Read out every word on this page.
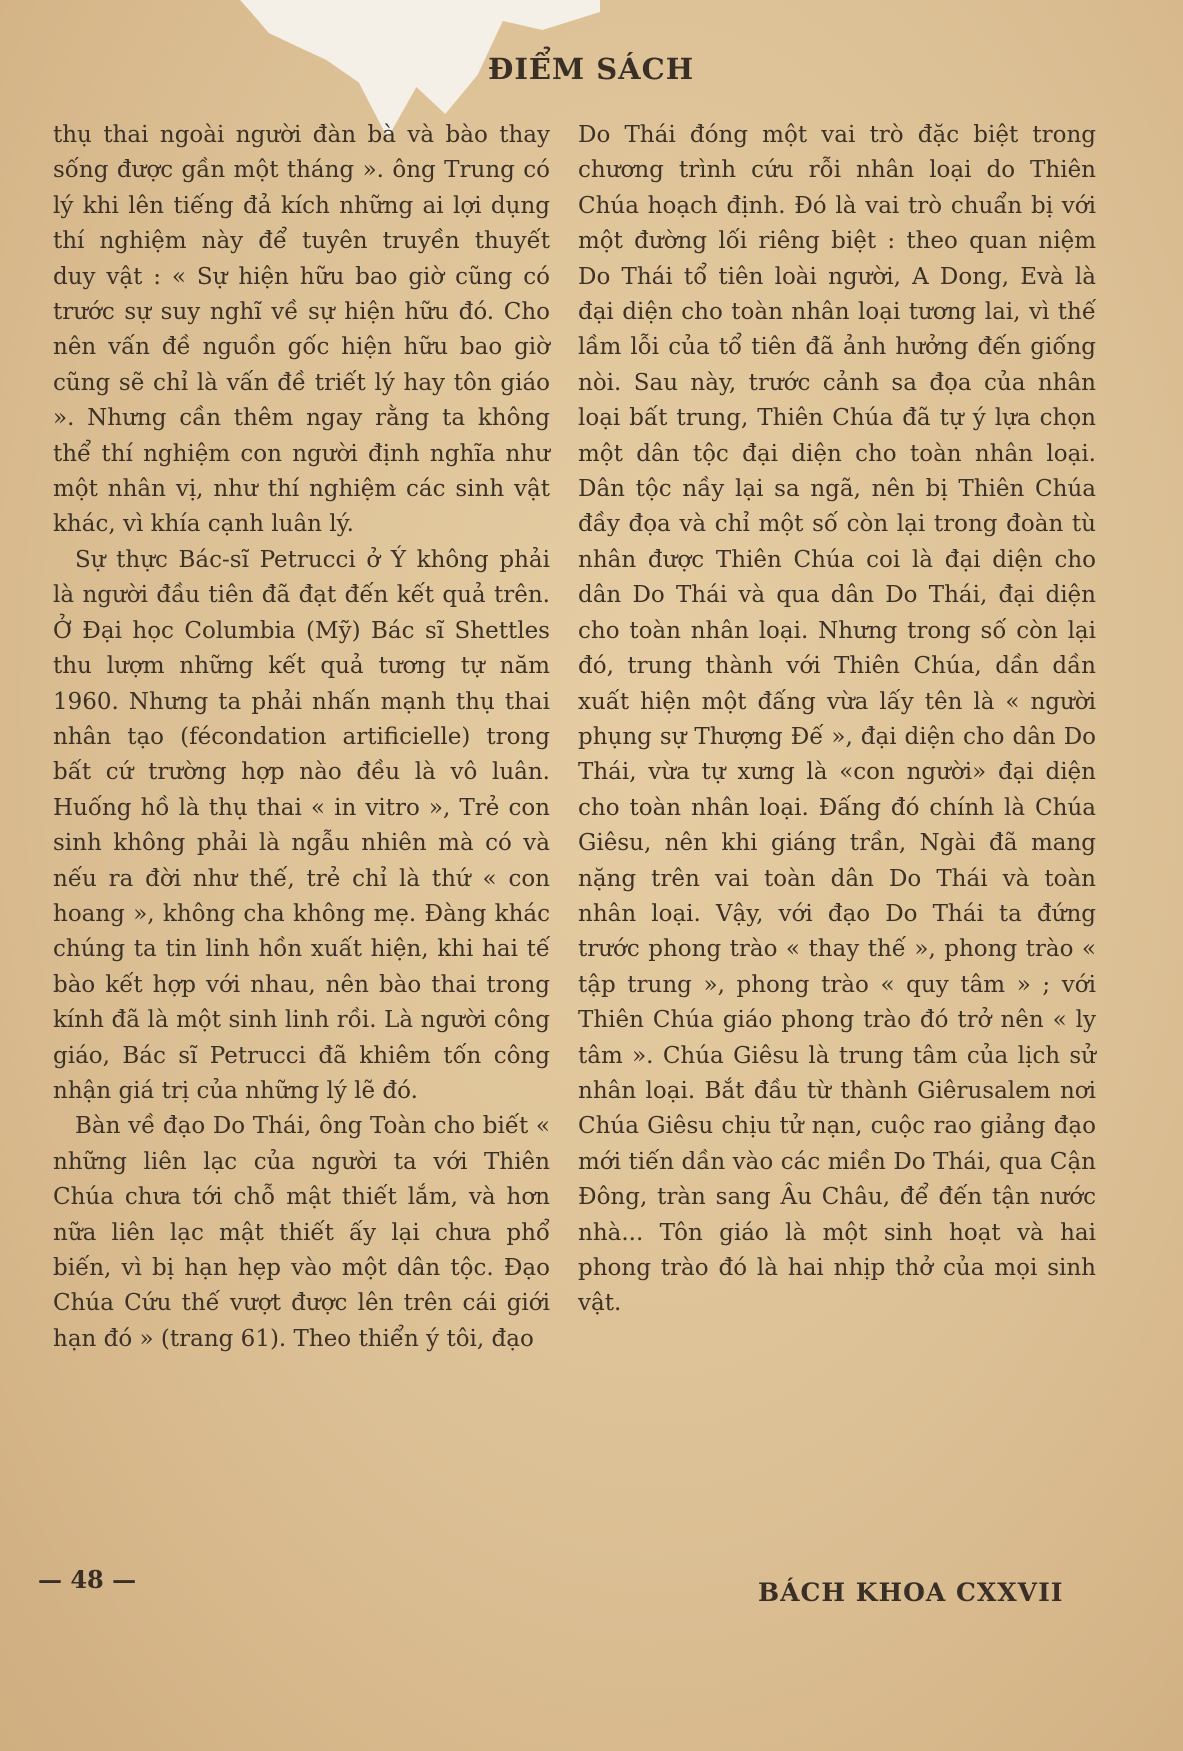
ĐIỂM SÁCH

thụ thai ngoài người đàn bà và bào thay sống được gần một tháng ». ông Trung có lý khi lên tiếng đả kích những ai lợi dụng thí nghiệm này để tuyên truyền thuyết duy vật : « Sự hiện hữu bao giờ cũng có trước sự suy nghĩ về sự hiện hữu đó. Cho nên vấn đề nguồn gốc hiện hữu bao giờ cũng sẽ chỉ là vấn đề triết lý hay tôn giáo ». Nhưng cần thêm ngay rằng ta không thể thí nghiệm con người định nghĩa như một nhân vị, như thí nghiệm các sinh vật khác, vì khía cạnh luân lý.

Sự thực Bác-sĩ Petrucci ở Ý không phải là người đầu tiên đã đạt đến kết quả trên. Ở Đại học Columbia (Mỹ) Bác sĩ Shettles thu lượm những kết quả tương tự năm 1960. Nhưng ta phải nhấn mạnh thụ thai nhân tạo (fécondation artificielle) trong bất cứ trường hợp nào đều là vô luân. Huống hồ là thụ thai « in vitro », Trẻ con sinh không phải là ngẫu nhiên mà có và nếu ra đời như thế, trẻ chỉ là thứ « con hoang », không cha không mẹ. Đàng khác chúng ta tin linh hồn xuất hiện, khi hai tế bào kết hợp với nhau, nên bào thai trong kính đã là một sinh linh rồi. Là người công giáo, Bác sĩ Petrucci đã khiêm tốn công nhận giá trị của những lý lẽ đó.

Bàn về đạo Do Thái, ông Toàn cho biết « những liên lạc của người ta với Thiên Chúa chưa tới chỗ mật thiết lắm, và hơn nữa liên lạc mật thiết ấy lại chưa phổ biến, vì bị hạn hẹp vào một dân tộc. Đạo Chúa Cứu thế vượt được lên trên cái giới hạn đó » (trang 61). Theo thiển ý tôi, đạo

Do Thái đóng một vai trò đặc biệt trong chương trình cứu rỗi nhân loại do Thiên Chúa hoạch định. Đó là vai trò chuẩn bị với một đường lối riêng biệt : theo quan niệm Do Thái tổ tiên loài người, A Dong, Evà là đại diện cho toàn nhân loại tương lai, vì thế lầm lỗi của tổ tiên đã ảnh hưởng đến giống nòi. Sau này, trước cảnh sa đọa của nhân loại bất trung, Thiên Chúa đã tự ý lựa chọn một dân tộc đại diện cho toàn nhân loại. Dân tộc nầy lại sa ngã, nên bị Thiên Chúa đầy đọa và chỉ một số còn lại trong đoàn tù nhân được Thiên Chúa coi là đại diện cho dân Do Thái và qua dân Do Thái, đại diện cho toàn nhân loại. Nhưng trong số còn lại đó, trung thành với Thiên Chúa, dần dần xuất hiện một đấng vừa lấy tên là « người phụng sự Thượng Đế », đại diện cho dân Do Thái, vừa tự xưng là «con người» đại diện cho toàn nhân loại. Đấng đó chính là Chúa Giêsu, nên khi giáng trần, Ngài đã mang nặng trên vai toàn dân Do Thái và toàn nhân loại. Vậy, với đạo Do Thái ta đứng trước phong trào « thay thế », phong trào « tập trung », phong trào « quy tâm » ; với Thiên Chúa giáo phong trào đó trở nên « ly tâm ». Chúa Giêsu là trung tâm của lịch sử nhân loại. Bắt đầu từ thành Giêrusalem nơi Chúa Giêsu chịu tử nạn, cuộc rao giảng đạo mới tiến dần vào các miền Do Thái, qua Cận Đông, tràn sang Âu Châu, để đến tận nước nhà... Tôn giáo là một sinh hoạt và hai phong trào đó là hai nhịp thở của mọi sinh vật.

— 48 —	BÁCH KHOA CXXVII
